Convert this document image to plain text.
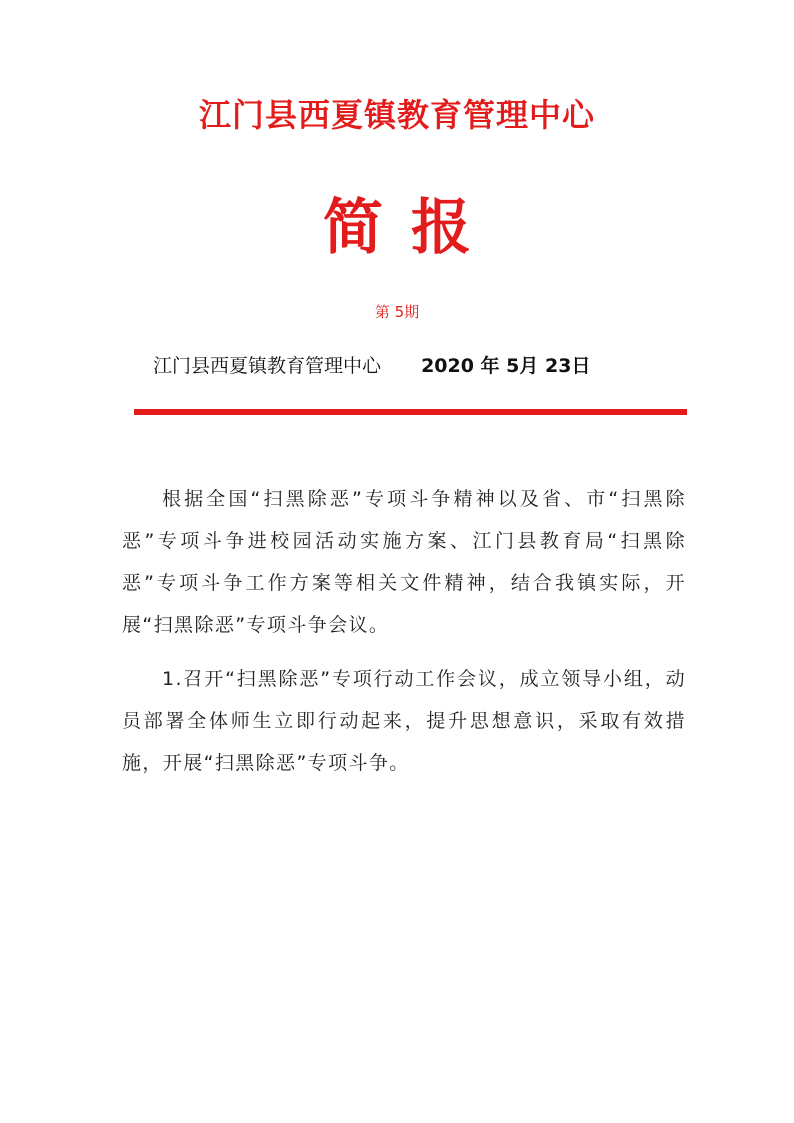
江门县西夏镇教育管理中心
简报
第 5期
江门县西夏镇教育管理中心 2020 年 5月 23日

根据全国“扫黑除恶”专项斗争精神以及省、市“扫黑除恶”专项斗争进校园活动实施方案、江门县教育局“扫黑除恶”专项斗争工作方案等相关文件精神，结合我镇实际，开展“扫黑除恶”专项斗争会议。

1.召开“扫黑除恶”专项行动工作会议，成立领导小组，动员部署全体师生立即行动起来，提升思想意识，采取有效措施，开展“扫黑除恶”专项斗争。
